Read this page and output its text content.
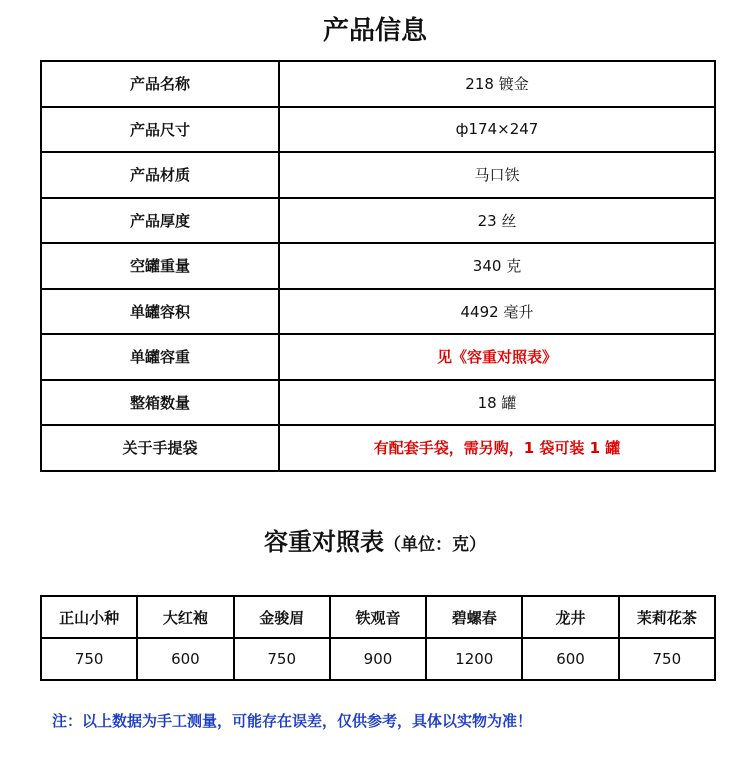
产品信息
产品名称	218 镀金
产品尺寸	ф174×247
产品材质	马口铁
产品厚度	23 丝
空罐重量	340 克
单罐容积	4492 毫升
单罐容重	见《容重对照表》
整箱数量	18 罐
关于手提袋	有配套手袋，需另购，1 袋可装 1 罐
容重对照表（单位：克）
正山小种	大红袍	金骏眉	铁观音	碧螺春	龙井	茉莉花茶
750	600	750	900	1200	600	750
注：以上数据为手工测量，可能存在误差，仅供参考，具体以实物为准！
